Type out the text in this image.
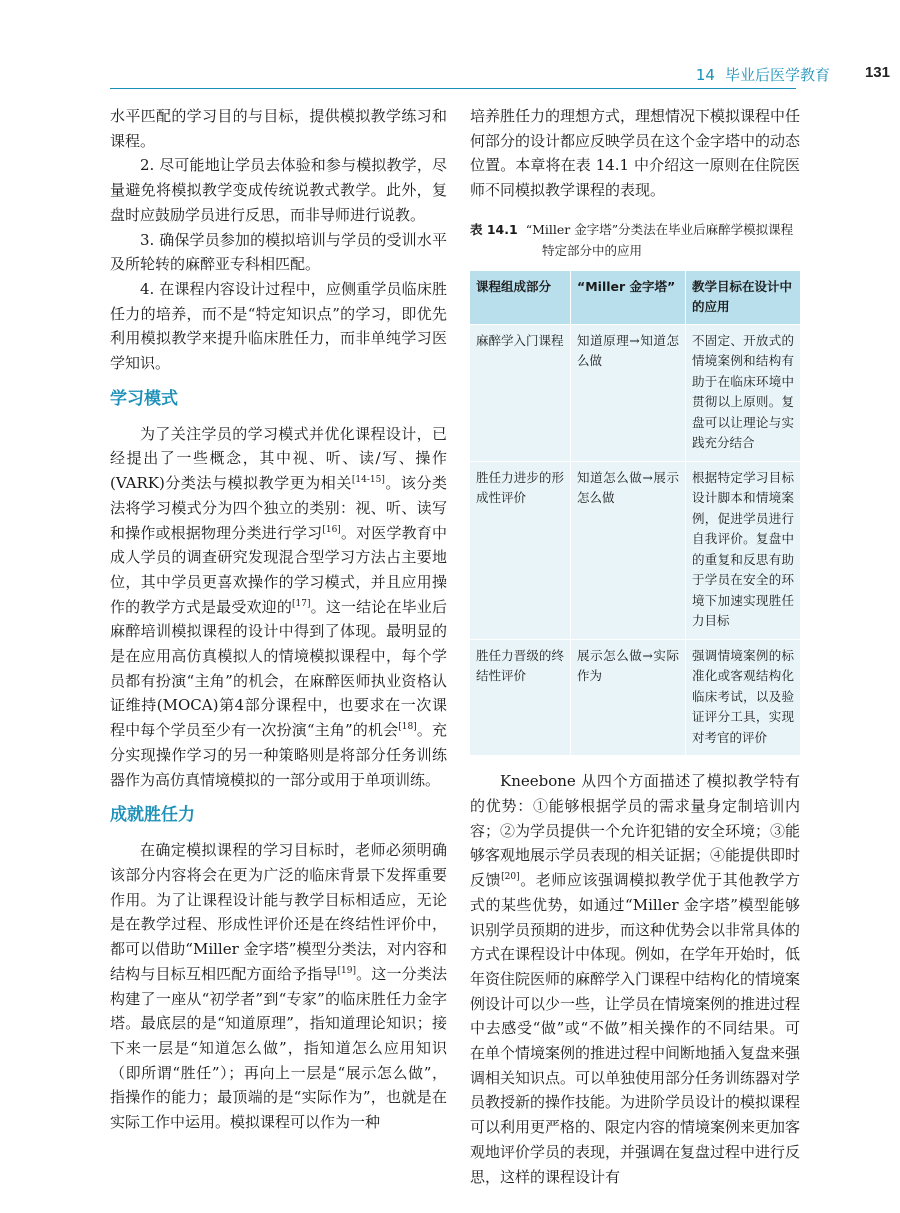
14 毕业后医学教育	131

水平匹配的学习目的与目标，提供模拟教学练习和课程。

2. 尽可能地让学员去体验和参与模拟教学，尽量避免将模拟教学变成传统说教式教学。此外，复盘时应鼓励学员进行反思，而非导师进行说教。

3. 确保学员参加的模拟培训与学员的受训水平及所轮转的麻醉亚专科相匹配。

4. 在课程内容设计过程中，应侧重学员临床胜任力的培养，而不是“特定知识点”的学习，即优先利用模拟教学来提升临床胜任力，而非单纯学习医学知识。

学习模式

为了关注学员的学习模式并优化课程设计，已经提出了一些概念，其中视、听、读/写、操作(VARK)分类法与模拟教学更为相关[14-15]。该分类法将学习模式分为四个独立的类别：视、听、读写和操作或根据物理分类进行学习[16]。对医学教育中成人学员的调查研究发现混合型学习方法占主要地位，其中学员更喜欢操作的学习模式，并且应用操作的教学方式是最受欢迎的[17]。这一结论在毕业后麻醉培训模拟课程的设计中得到了体现。最明显的是在应用高仿真模拟人的情境模拟课程中，每个学员都有扮演“主角”的机会，在麻醉医师执业资格认证维持(MOCA)第4部分课程中，也要求在一次课程中每个学员至少有一次扮演“主角”的机会[18]。充分实现操作学习的另一种策略则是将部分任务训练器作为高仿真情境模拟的一部分或用于单项训练。

成就胜任力

在确定模拟课程的学习目标时，老师必须明确该部分内容将会在更为广泛的临床背景下发挥重要作用。为了让课程设计能与教学目标相适应，无论是在教学过程、形成性评价还是在终结性评价中，都可以借助“Miller 金字塔”模型分类法，对内容和结构与目标互相匹配方面给予指导[19]。这一分类法构建了一座从“初学者”到“专家”的临床胜任力金字塔。最底层的是“知道原理”，指知道理论知识；接下来一层是“知道怎么做”，指知道怎么应用知识（即所谓“胜任”）；再向上一层是“展示怎么做”，指操作的能力；最顶端的是“实际作为”，也就是在实际工作中运用。模拟课程可以作为一种

培养胜任力的理想方式，理想情况下模拟课程中任何部分的设计都应反映学员在这个金字塔中的动态位置。本章将在表 14.1 中介绍这一原则在住院医师不同模拟教学课程的表现。

表 14.1 “Miller 金字塔”分类法在毕业后麻醉学模拟课程
特定部分中的应用
课程组成部分	“Miller 金字塔”	教学目标在设计中的应用
麻醉学入门课程	知道原理→知道怎么做	不固定、开放式的情境案例和结构有助于在临床环境中贯彻以上原则。复盘可以让理论与实践充分结合
胜任力进步的形成性评价	知道怎么做→展示怎么做	根据特定学习目标设计脚本和情境案例，促进学员进行自我评价。复盘中的重复和反思有助于学员在安全的环境下加速实现胜任力目标
胜任力晋级的终结性评价	展示怎么做→实际作为	强调情境案例的标准化或客观结构化临床考试，以及验证评分工具，实现对考官的评价

Kneebone 从四个方面描述了模拟教学特有的优势：①能够根据学员的需求量身定制培训内容；②为学员提供一个允许犯错的安全环境；③能够客观地展示学员表现的相关证据；④能提供即时反馈[20]。老师应该强调模拟教学优于其他教学方式的某些优势，如通过“Miller 金字塔”模型能够识别学员预期的进步，而这种优势会以非常具体的方式在课程设计中体现。例如，在学年开始时，低年资住院医师的麻醉学入门课程中结构化的情境案例设计可以少一些，让学员在情境案例的推进过程中去感受“做”或“不做”相关操作的不同结果。可在单个情境案例的推进过程中间断地插入复盘来强调相关知识点。可以单独使用部分任务训练器对学员教授新的操作技能。为进阶学员设计的模拟课程可以利用更严格的、限定内容的情境案例来更加客观地评价学员的表现，并强调在复盘过程中进行反思，这样的课程设计有
